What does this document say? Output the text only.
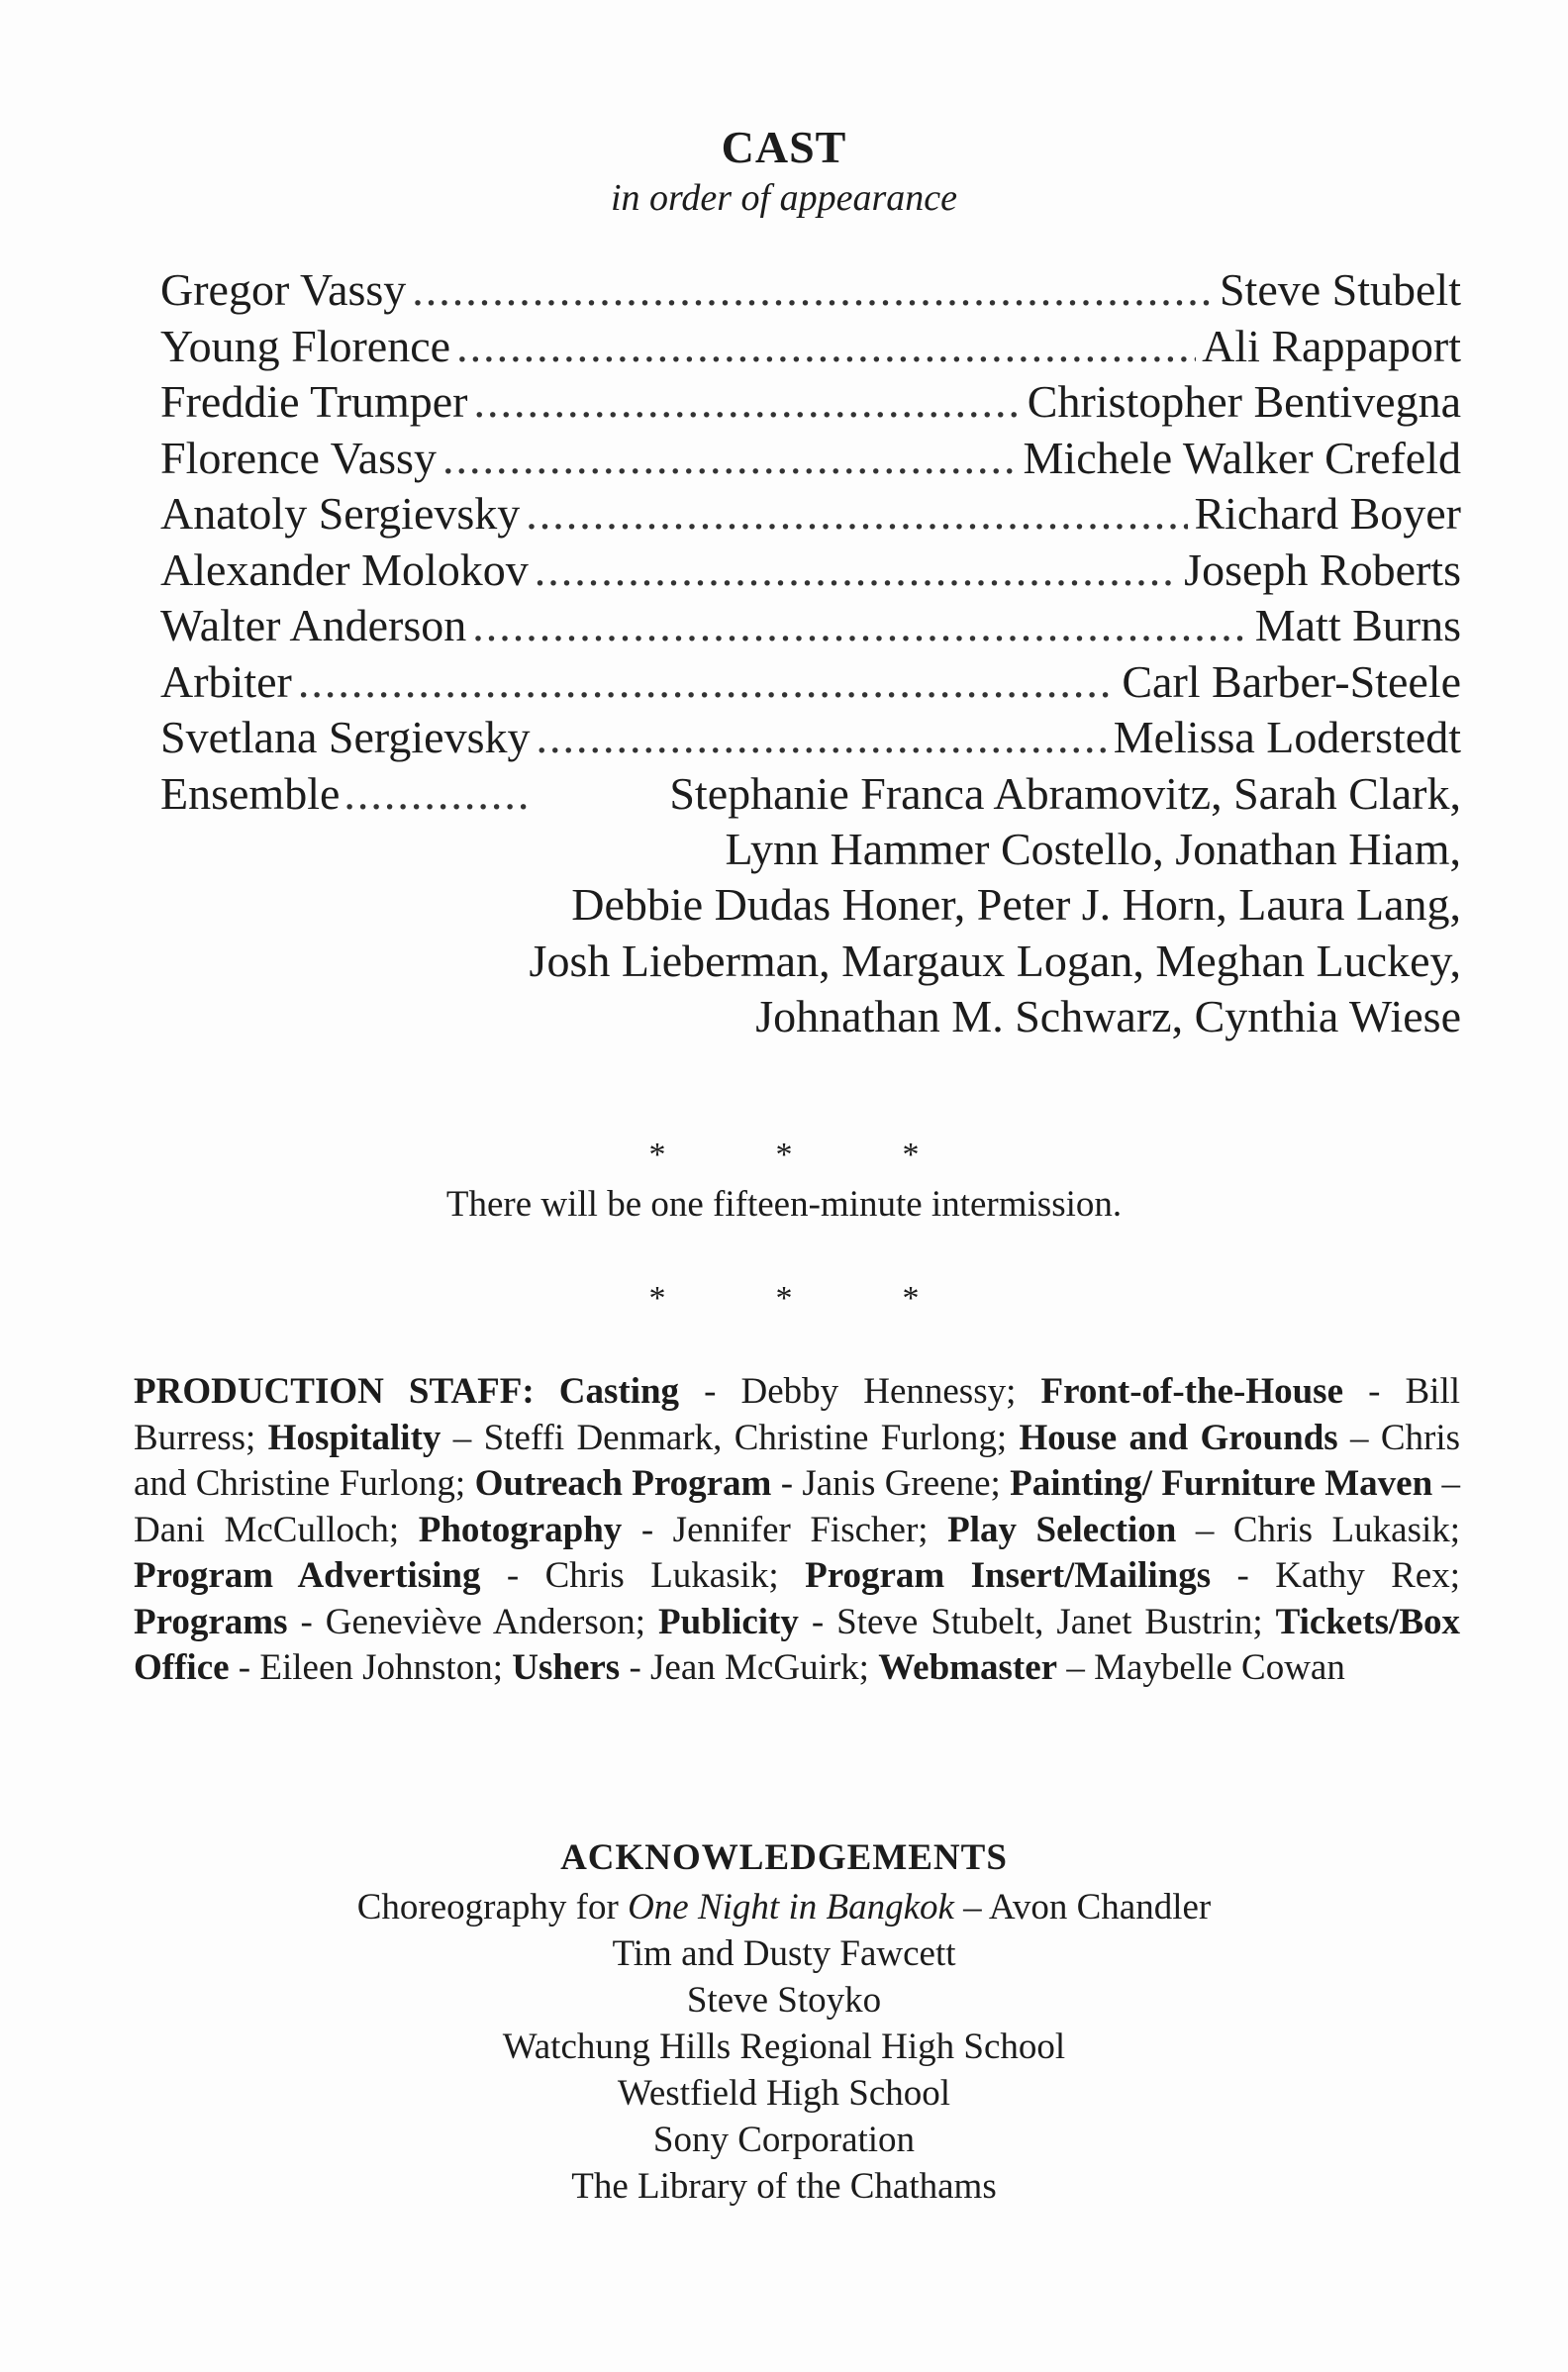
CAST
in order of appearance
Gregor Vassy .....	Steve Stubelt
Young Florence .....	Ali Rappaport
Freddie Trumper .....	Christopher Bentivegna
Florence Vassy .....	Michele Walker Crefeld
Anatoly Sergievsky .....	Richard Boyer
Alexander Molokov .....	Joseph Roberts
Walter Anderson .....	Matt Burns
Arbiter .....	Carl Barber-Steele
Svetlana Sergievsky .....	Melissa Loderstedt
Ensemble ..............	Stephanie Franca Abramovitz, Sarah Clark,
Lynn Hammer Costello, Jonathan Hiam,
Debbie Dudas Honer, Peter J. Horn, Laura Lang,
Josh Lieberman, Margaux Logan, Meghan Luckey,
Johnathan M. Schwarz, Cynthia Wiese
*	*	*
There will be one fifteen-minute intermission.
*	*	*
PRODUCTION STAFF: Casting - Debby Hennessy; Front-of-the-House - Bill Burress; Hospitality – Steffi Denmark, Christine Furlong; House and Grounds – Chris and Christine Furlong; Outreach Program - Janis Greene; Painting/ Furniture Maven – Dani McCulloch; Photography - Jennifer Fischer; Play Selection – Chris Lukasik; Program Advertising - Chris Lukasik; Program Insert/Mailings - Kathy Rex; Programs - Geneviève Anderson; Publicity - Steve Stubelt, Janet Bustrin; Tickets/Box Office - Eileen Johnston; Ushers - Jean McGuirk; Webmaster – Maybelle Cowan
ACKNOWLEDGEMENTS
Choreography for One Night in Bangkok – Avon Chandler
Tim and Dusty Fawcett
Steve Stoyko
Watchung Hills Regional High School
Westfield High School
Sony Corporation
The Library of the Chathams
